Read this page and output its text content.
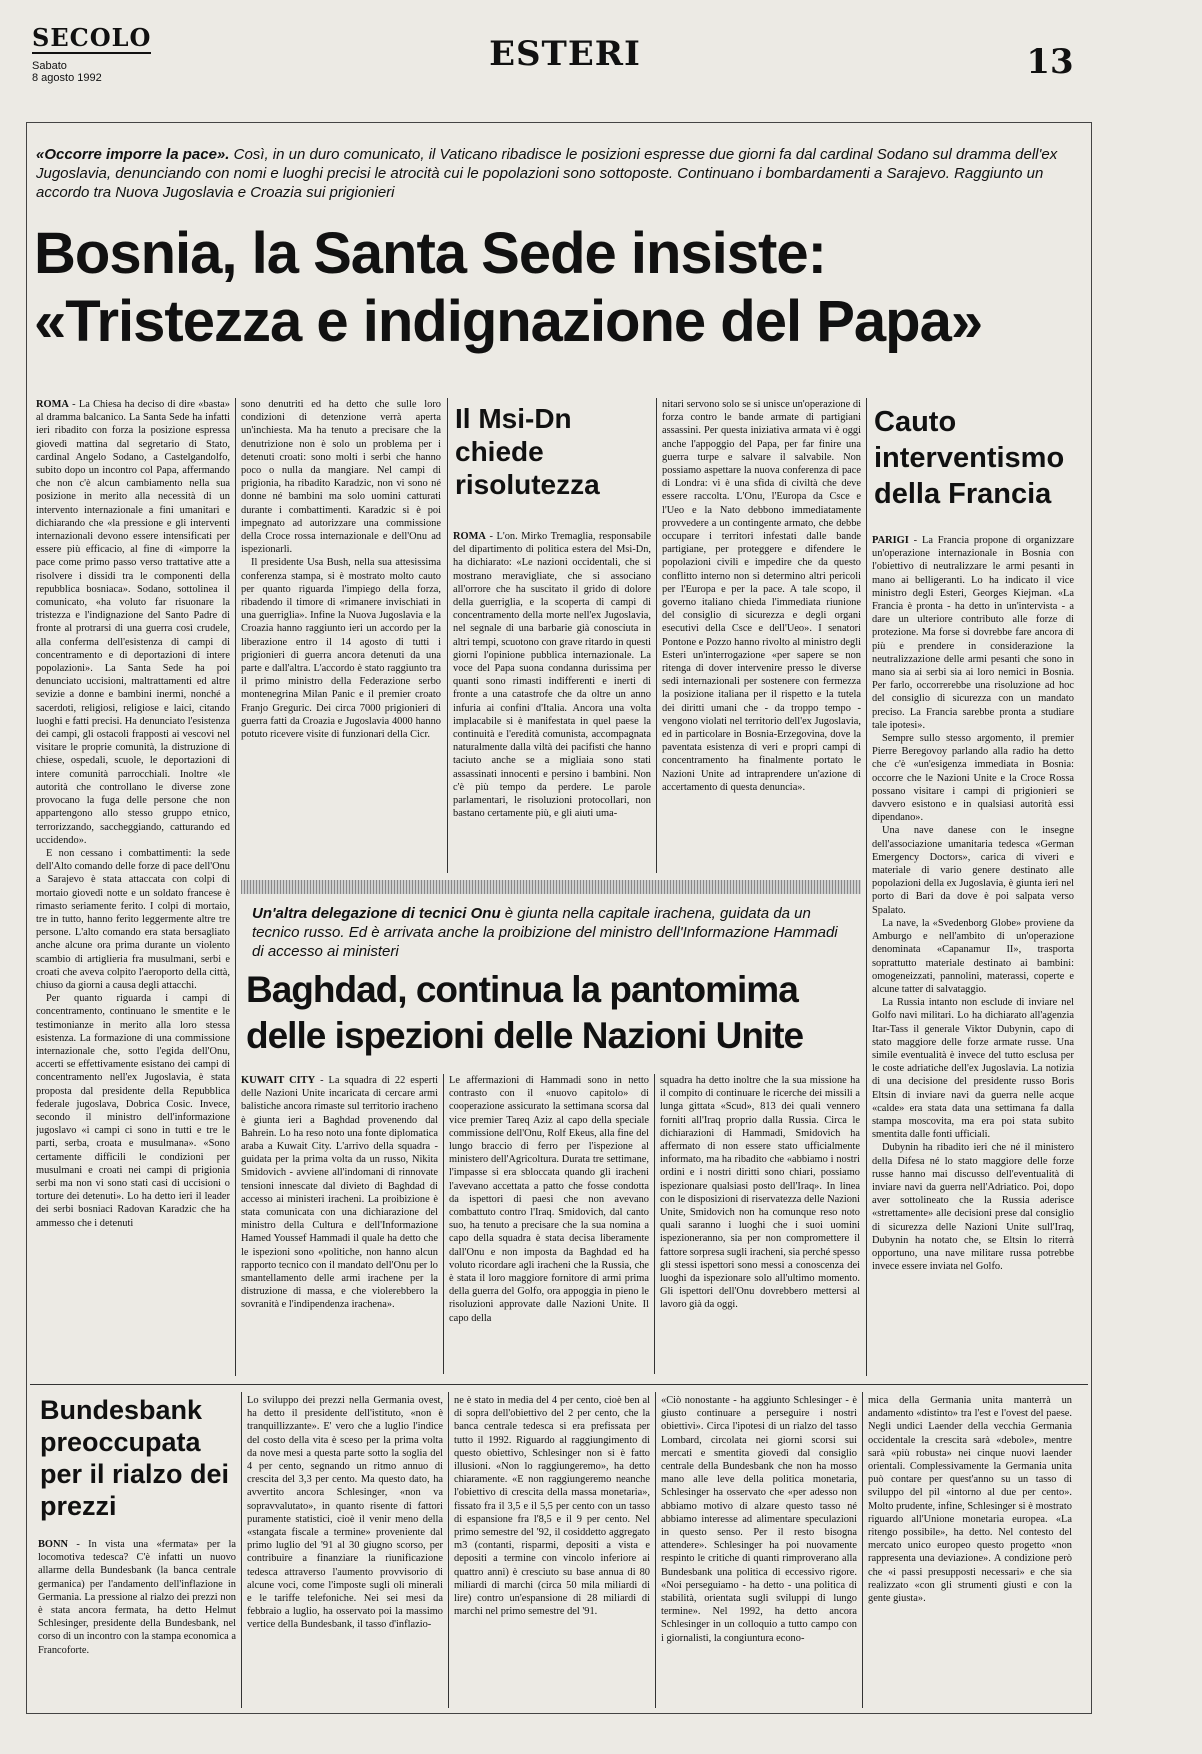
SECOLO
Sabato
8 agosto 1992
ESTERI	13
«Occorre imporre la pace». Così, in un duro comunicato, il Vaticano ribadisce le posizioni espresse due giorni fa dal cardinal Sodano sul dramma dell'ex Jugoslavia, denunciando con nomi e luoghi precisi le atrocità cui le popolazioni sono sottoposte. Continuano i bombardamenti a Sarajevo. Raggiunto un accordo tra Nuova Jugoslavia e Croazia sui prigionieri
Bosnia, la Santa Sede insiste:
«Tristezza e indignazione del Papa»

ROMA - La Chiesa ha deciso di dire «basta» al dramma balcanico. La Santa Sede ha infatti ieri ribadito con forza la posizione espressa giovedì mattina dal segretario di Stato, cardinal Angelo Sodano, a Castelgandolfo, subito dopo un incontro col Papa, affermando che non c'è alcun cambiamento nella sua posizione in merito alla necessità di un intervento internazionale a fini umanitari e dichiarando che «la pressione e gli interventi internazionali devono essere intensificati per essere più efficacio, al fine di «imporre la pace come primo passo verso trattative atte a risolvere i dissidi tra le componenti della repubblica bosniaca». Sodano, sottolinea il comunicato, «ha voluto far risuonare la tristezza e l'indignazione del Santo Padre di fronte al protrarsi di una guerra così crudele, alla conferma dell'esistenza di campi di concentramento e di deportazioni di intere popolazioni». La Santa Sede ha poi denunciato uccisioni, maltrattamenti ed altre sevizie a donne e bambini inermi, nonché a sacerdoti, religiosi, religiose e laici, citando luoghi e fatti precisi. Ha denunciato l'esistenza dei campi, gli ostacoli frapposti ai vescovi nel visitare le proprie comunità, la distruzione di chiese, ospedali, scuole, le deportazioni di intere comunità parrocchiali. Inoltre «le autorità che controllano le diverse zone provocano la fuga delle persone che non appartengono allo stesso gruppo etnico, terrorizzando, saccheggiando, catturando ed uccidendo».

E non cessano i combattimenti: la sede dell'Alto comando delle forze di pace dell'Onu a Sarajevo è stata attaccata con colpi di mortaio giovedì notte e un soldato francese è rimasto seriamente ferito. I colpi di mortaio, tre in tutto, hanno ferito leggermente altre tre persone. L'alto comando era stata bersagliato anche alcune ora prima durante un violento scambio di artiglieria fra musulmani, serbi e croati che aveva colpito l'aeroporto della città, chiuso da giorni a causa degli attacchi.

Per quanto riguarda i campi di concentramento, continuano le smentite e le testimonianze in merito alla loro stessa esistenza. La formazione di una commissione internazionale che, sotto l'egida dell'Onu, accerti se effettivamente esistano dei campi di concentramento nell'ex Jugoslavia, è stata proposta dal presidente della Repubblica federale jugoslava, Dobrica Cosic. Invece, secondo il ministro dell'informazione jugoslavo «i campi ci sono in tutti e tre le parti, serba, croata e musulmana». «Sono certamente difficili le condizioni per musulmani e croati nei campi di prigionia serbi ma non vi sono stati casi di uccisioni o torture dei detenuti». Lo ha detto ieri il leader dei serbi bosniaci Radovan Karadzic che ha ammesso che i detenuti

sono denutriti ed ha detto che sulle loro condizioni di detenzione verrà aperta un'inchiesta. Ma ha tenuto a precisare che la denutrizione non è solo un problema per i detenuti croati: sono molti i serbi che hanno poco o nulla da mangiare. Nel campi di prigionia, ha ribadito Karadzic, non vi sono né donne né bambini ma solo uomini catturati durante i combattimenti. Karadzic si è poi impegnato ad autorizzare una commissione della Croce rossa internazionale e dell'Onu ad ispezionarli.

Il presidente Usa Bush, nella sua attesissima conferenza stampa, si è mostrato molto cauto per quanto riguarda l'impiego della forza, ribadendo il timore di «rimanere invischiati in una guerriglia». Infine la Nuova Jugoslavia e la Croazia hanno raggiunto ieri un accordo per la liberazione entro il 14 agosto di tutti i prigionieri di guerra ancora detenuti da una parte e dall'altra. L'accordo è stato raggiunto tra il primo ministro della Federazione serbo montenegrina Milan Panic e il premier croato Franjo Greguric. Dei circa 7000 prigionieri di guerra fatti da Croazia e Jugoslavia 4000 hanno potuto ricevere visite di funzionari della Cicr.

Il Msi-Dn chiede risolutezza

ROMA - L'on. Mirko Tremaglia, responsabile del dipartimento di politica estera del Msi-Dn, ha dichiarato: «Le nazioni occidentali, che si mostrano meravigliate, che si associano all'orrore che ha suscitato il grido di dolore della guerriglia, e la scoperta di campi di concentramento della morte nell'ex Jugoslavia, nel segnale di una barbarie già conosciuta in altri tempi, scuotono con grave ritardo in questi giorni l'opinione pubblica internazionale. La voce del Papa suona condanna durissima per quanti sono rimasti indifferenti e inerti di fronte a una catastrofe che da oltre un anno infuria ai confini d'Italia. Ancora una volta implacabile si è manifestata in quel paese la continuità e l'eredità comunista, accompagnata naturalmente dalla viltà dei pacifisti che hanno taciuto anche se a migliaia sono stati assassinati innocenti e persino i bambini. Non c'è più tempo da perdere. Le parole parlamentari, le risoluzioni protocollari, non bastano certamente più, e gli aiuti uma-

nitari servono solo se si unisce un'operazione di forza contro le bande armate di partigiani assassini. Per questa iniziativa armata vi è oggi anche l'appoggio del Papa, per far finire una guerra turpe e salvare il salvabile. Non possiamo aspettare la nuova conferenza di pace di Londra: vi è una sfida di civiltà che deve essere raccolta. L'Onu, l'Europa da Csce e l'Ueo e la Nato debbono immediatamente provvedere a un contingente armato, che debbe occupare i territori infestati dalle bande partigiane, per proteggere e difendere le popolazioni civili e impedire che da questo conflitto interno non si determino altri pericoli per l'Europa e per la pace. A tale scopo, il governo italiano chieda l'immediata riunione del consiglio di sicurezza e degli organi esecutivi della Csce e dell'Ueo». I senatori Pontone e Pozzo hanno rivolto al ministro degli Esteri un'interrogazione «per sapere se non ritenga di dover intervenire presso le diverse sedi internazionali per sostenere con fermezza la posizione italiana per il rispetto e la tutela dei diritti umani che - da troppo tempo - vengono violati nel territorio dell'ex Jugoslavia, ed in particolare in Bosnia-Erzegovina, dove la paventata esistenza di veri e propri campi di concentramento ha finalmente portato le Nazioni Unite ad intraprendere un'azione di accertamento di questa denuncia».

Cauto interventismo della Francia

PARIGI - La Francia propone di organizzare un'operazione internazionale in Bosnia con l'obiettivo di neutralizzare le armi pesanti in mano ai belligeranti. Lo ha indicato il vice ministro degli Esteri, Georges Kiejman. «La Francia è pronta - ha detto in un'intervista - a dare un ulteriore contributo alle forze di protezione. Ma forse si dovrebbe fare ancora di più e prendere in considerazione la neutralizzazione delle armi pesanti che sono in mano sia ai serbi sia ai loro nemici in Bosnia. Per farlo, occorrerebbe una risoluzione ad hoc del consiglio di sicurezza con un mandato preciso. La Francia sarebbe pronta a studiare tale ipotesi».

Sempre sullo stesso argomento, il premier Pierre Beregovoy parlando alla radio ha detto che c'è «un'esigenza immediata in Bosnia: occorre che le Nazioni Unite e la Croce Rossa possano visitare i campi di prigionieri se davvero esistono e in qualsiasi autorità essi dipendano».

Una nave danese con le insegne dell'associazione umanitaria tedesca «German Emergency Doctors», carica di viveri e materiale di vario genere destinato alle popolazioni della ex Jugoslavia, è giunta ieri nel porto di Bari da dove è poi salpata verso Spalato.

La nave, la «Svedenborg Globe» proviene da Amburgo e nell'ambito di un'operazione denominata «Capanamur II», trasporta soprattutto materiale destinato ai bambini: omogeneizzati, pannolini, materassi, coperte e alcune tatter di salvataggio.

La Russia intanto non esclude di inviare nel Golfo navi militari. Lo ha dichiarato all'agenzia Itar-Tass il generale Viktor Dubynin, capo di stato maggiore delle forze armate russe. Una simile eventualità è invece del tutto esclusa per le coste adriatiche dell'ex Jugoslavia. La notizia di una decisione del presidente russo Boris Eltsin di inviare navi da guerra nelle acque «calde» era stata data una settimana fa dalla stampa moscovita, ma era poi stata subito smentita dalle fonti ufficiali.

Dubynin ha ribadito ieri che né il ministero della Difesa né lo stato maggiore delle forze russe hanno mai discusso dell'eventualità di inviare navi da guerra nell'Adriatico. Poi, dopo aver sottolineato che la Russia aderisce «strettamente» alle decisioni prese dal consiglio di sicurezza delle Nazioni Unite sull'Iraq, Dubynin ha notato che, se Eltsin lo riterrà opportuno, una nave militare russa potrebbe invece essere inviata nel Golfo.

Un'altra delegazione di tecnici Onu è giunta nella capitale irachena, guidata da un tecnico russo. Ed è arrivata anche la proibizione del ministro dell'Informazione Hammadi di accesso ai ministeri
Baghdad, continua la pantomima
delle ispezioni delle Nazioni Unite

KUWAIT CITY - La squadra di 22 esperti delle Nazioni Unite incaricata di cercare armi balistiche ancora rimaste sul territorio iracheno è giunta ieri a Baghdad provenendo dal Bahrein. Lo ha reso noto una fonte diplomatica araba a Kuwait City. L'arrivo della squadra - guidata per la prima volta da un russo, Nikita Smidovich - avviene all'indomani di rinnovate tensioni innescate dal divieto di Baghdad di accesso ai ministeri iracheni. La proibizione è stata comunicata con una dichiarazione del ministro della Cultura e dell'Informazione Hamed Youssef Hammadi il quale ha detto che le ispezioni sono «politiche, non hanno alcun rapporto tecnico con il mandato dell'Onu per lo smantellamento delle armi irachene per la distruzione di massa, e che violerebbero la sovranità e l'indipendenza irachena».

Le affermazioni di Hammadi sono in netto contrasto con il «nuovo capitolo» di cooperazione assicurato la settimana scorsa dal vice premier Tareq Aziz al capo della speciale commissione dell'Onu, Rolf Ekeus, alla fine del lungo braccio di ferro per l'ispezione al ministero dell'Agricoltura. Durata tre settimane, l'impasse si era sbloccata quando gli iracheni l'avevano accettata a patto che fosse condotta da ispettori di paesi che non avevano combattuto contro l'Iraq. Smidovich, dal canto suo, ha tenuto a precisare che la sua nomina a capo della squadra è stata decisa liberamente dall'Onu e non imposta da Baghdad ed ha voluto ricordare agli iracheni che la Russia, che è stata il loro maggiore fornitore di armi prima della guerra del Golfo, ora appoggia in pieno le risoluzioni approvate dalle Nazioni Unite. Il capo della

squadra ha detto inoltre che la sua missione ha il compito di continuare le ricerche dei missili a lunga gittata «Scud», 813 dei quali vennero forniti all'Iraq proprio dalla Russia. Circa le dichiarazioni di Hammadi, Smidovich ha affermato di non essere stato ufficialmente informato, ma ha ribadito che «abbiamo i nostri ordini e i nostri diritti sono chiari, possiamo ispezionare qualsiasi posto dell'Iraq». In linea con le disposizioni di riservatezza delle Nazioni Unite, Smidovich non ha comunque reso noto quali saranno i luoghi che i suoi uomini ispezioneranno, sia per non compromettere il fattore sorpresa sugli iracheni, sia perché spesso gli stessi ispettori sono messi a conoscenza dei luoghi da ispezionare solo all'ultimo momento. Gli ispettori dell'Onu dovrebbero mettersi al lavoro già da oggi.

Bundesbank preoccupata per il rialzo dei prezzi

BONN - In vista una «fermata» per la locomotiva tedesca? C'è infatti un nuovo allarme della Bundesbank (la banca centrale germanica) per l'andamento dell'inflazione in Germania. La pressione al rialzo dei prezzi non è stata ancora fermata, ha detto Helmut Schlesinger, presidente della Bundesbank, nel corso di un incontro con la stampa economica a Francoforte.

Lo sviluppo dei prezzi nella Germania ovest, ha detto il presidente dell'istituto, «non è tranquillizzante». E' vero che a luglio l'indice del costo della vita è sceso per la prima volta da nove mesi a questa parte sotto la soglia del 4 per cento, segnando un ritmo annuo di crescita del 3,3 per cento. Ma questo dato, ha avvertito ancora Schlesinger, «non va sopravvalutato», in quanto risente di fattori puramente statistici, cioè il venir meno della «stangata fiscale a termine» proveniente dal primo luglio del '91 al 30 giugno scorso, per contribuire a finanziare la riunificazione tedesca attraverso l'aumento provvisorio di alcune voci, come l'imposte sugli oli minerali e le tariffe telefoniche. Nei sei mesi da febbraio a luglio, ha osservato poi la massimo vertice della Bundesbank, il tasso d'inflazio-

ne è stato in media del 4 per cento, cioè ben al di sopra dell'obiettivo del 2 per cento, che la banca centrale tedesca si era prefissata per tutto il 1992. Riguardo al raggiungimento di questo obiettivo, Schlesinger non si è fatto illusioni. «Non lo raggiungeremo», ha detto chiaramente. «E non raggiungeremo neanche l'obiettivo di crescita della massa monetaria», fissato fra il 3,5 e il 5,5 per cento con un tasso di espansione fra l'8,5 e il 9 per cento. Nel primo semestre del '92, il cosiddetto aggregato m3 (contanti, risparmi, depositi a vista e depositi a termine con vincolo inferiore ai quattro anni) è cresciuto su base annua di 80 miliardi di marchi (circa 50 mila miliardi di lire) contro un'espansione di 28 miliardi di marchi nel primo semestre del '91.

«Ciò nonostante - ha aggiunto Schlesinger - è giusto continuare a perseguire i nostri obiettivi». Circa l'ipotesi di un rialzo del tasso Lombard, circolata nei giorni scorsi sui mercati e smentita giovedì dal consiglio centrale della Bundesbank che non ha mosso mano alle leve della politica monetaria, Schlesinger ha osservato che «per adesso non abbiamo motivo di alzare questo tasso né abbiamo interesse ad alimentare speculazioni in questo senso. Per il resto bisogna attendere». Schlesinger ha poi nuovamente respinto le critiche di quanti rimproverano alla Bundesbank una politica di eccessivo rigore. «Noi perseguiamo - ha detto - una politica di stabilità, orientata sugli sviluppi di lungo termine». Nel 1992, ha detto ancora Schlesinger in un colloquio a tutto campo con i giornalisti, la congiuntura econo-

mica della Germania unita manterrà un andamento «distinto» tra l'est e l'ovest del paese. Negli undici Laender della vecchia Germania occidentale la crescita sarà «debole», mentre sarà «più robusta» nei cinque nuovi laender orientali. Complessivamente la Germania unita può contare per quest'anno su un tasso di sviluppo del pil «intorno al due per cento». Molto prudente, infine, Schlesinger si è mostrato riguardo all'Unione monetaria europea. «La ritengo possibile», ha detto. Nel contesto del mercato unico europeo questo progetto «non rappresenta una deviazione». A condizione però che «i passi presupposti necessari» e che sia realizzato «con gli strumenti giusti e con la gente giusta».
